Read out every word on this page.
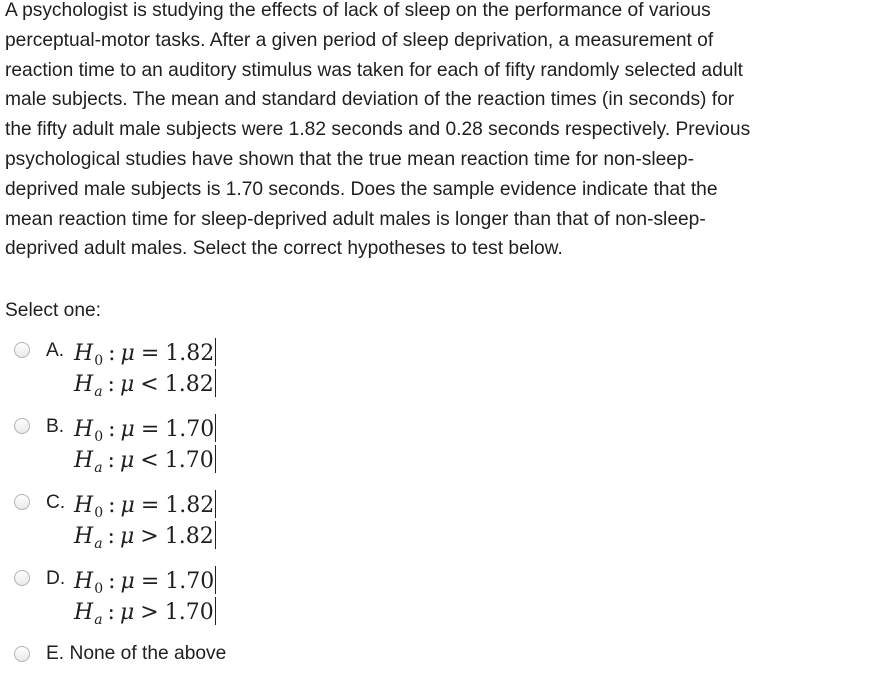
A psychologist is studying the effects of lack of sleep on the performance of various
perceptual-motor tasks. After a given period of sleep deprivation, a measurement of
reaction time to an auditory stimulus was taken for each of fifty randomly selected adult
male subjects. The mean and standard deviation of the reaction times (in seconds) for
the fifty adult male subjects were 1.82 seconds and 0.28 seconds respectively. Previous
psychological studies have shown that the true mean reaction time for non-sleep-
deprived male subjects is 1.70 seconds. Does the sample evidence indicate that the
mean reaction time for sleep-deprived adult males is longer than that of non-sleep-
deprived adult males. Select the correct hypotheses to test below.

Select one:

A. $H_0$ : μ = 1.82
$H_a$ : μ < 1.82
B. $H_0$ : μ = 1.70
$H_a$ : μ < 1.70
C. $H_0$ : μ = 1.82
$H_a$ : μ > 1.82
D. $H_0$ : μ = 1.70
$H_a$ : μ > 1.70
E. None of the above
